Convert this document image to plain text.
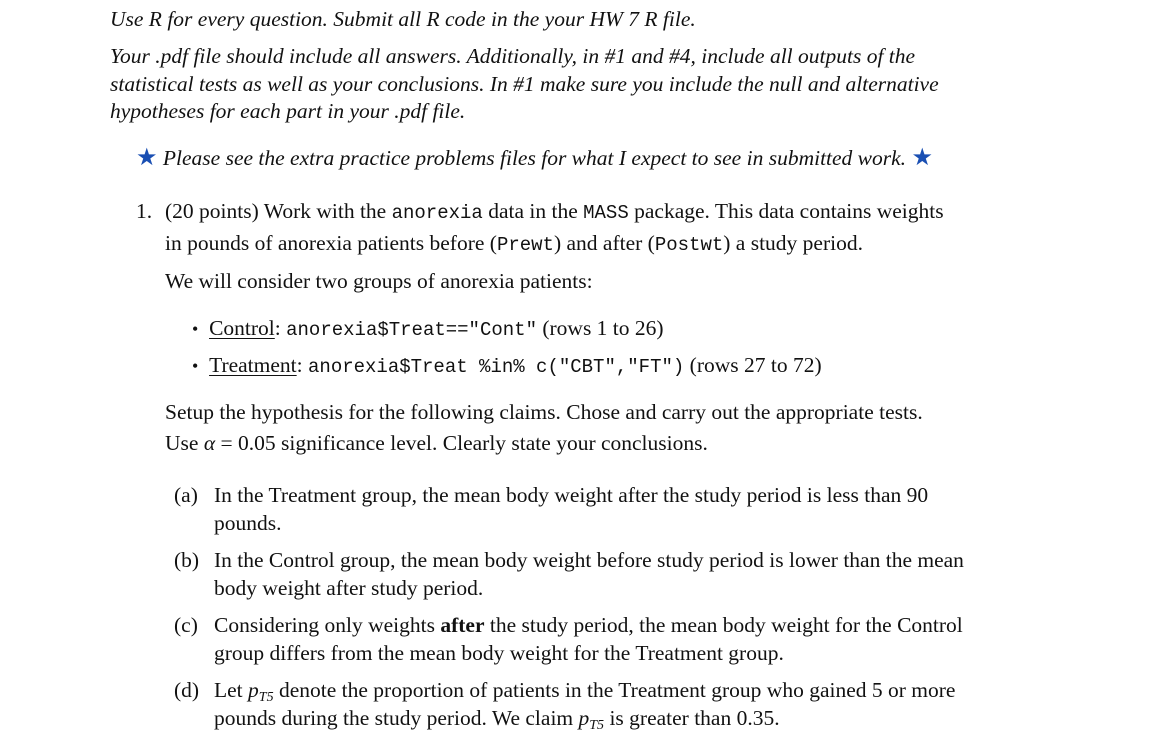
Use R for every question. Submit all R code in the your HW 7 R file.
Your .pdf file should include all answers. Additionally, in #1 and #4, include all outputs of the
statistical tests as well as your conclusions. In #1 make sure you include the null and alternative
hypotheses for each part in your .pdf file.
★ Please see the extra practice problems files for what I expect to see in submitted work. ★
1. (20 points) Work with the anorexia data in the MASS package. This data contains weights
in pounds of anorexia patients before (Prewt) and after (Postwt) a study period.
We will consider two groups of anorexia patients:
• Control: anorexia$Treat=="Cont" (rows 1 to 26)
• Treatment: anorexia$Treat %in% c("CBT","FT") (rows 27 to 72)
Setup the hypothesis for the following claims. Chose and carry out the appropriate tests.
Use α = 0.05 significance level. Clearly state your conclusions.
(a) In the Treatment group, the mean body weight after the study period is less than 90
pounds.
(b) In the Control group, the mean body weight before study period is lower than the mean
body weight after study period.
(c) Considering only weights after the study period, the mean body weight for the Control
group differs from the mean body weight for the Treatment group.
(d) Let $p_{T5}$ denote the proportion of patients in the Treatment group who gained 5 or more
pounds during the study period. We claim $p_{T5}$ is greater than 0.35.
